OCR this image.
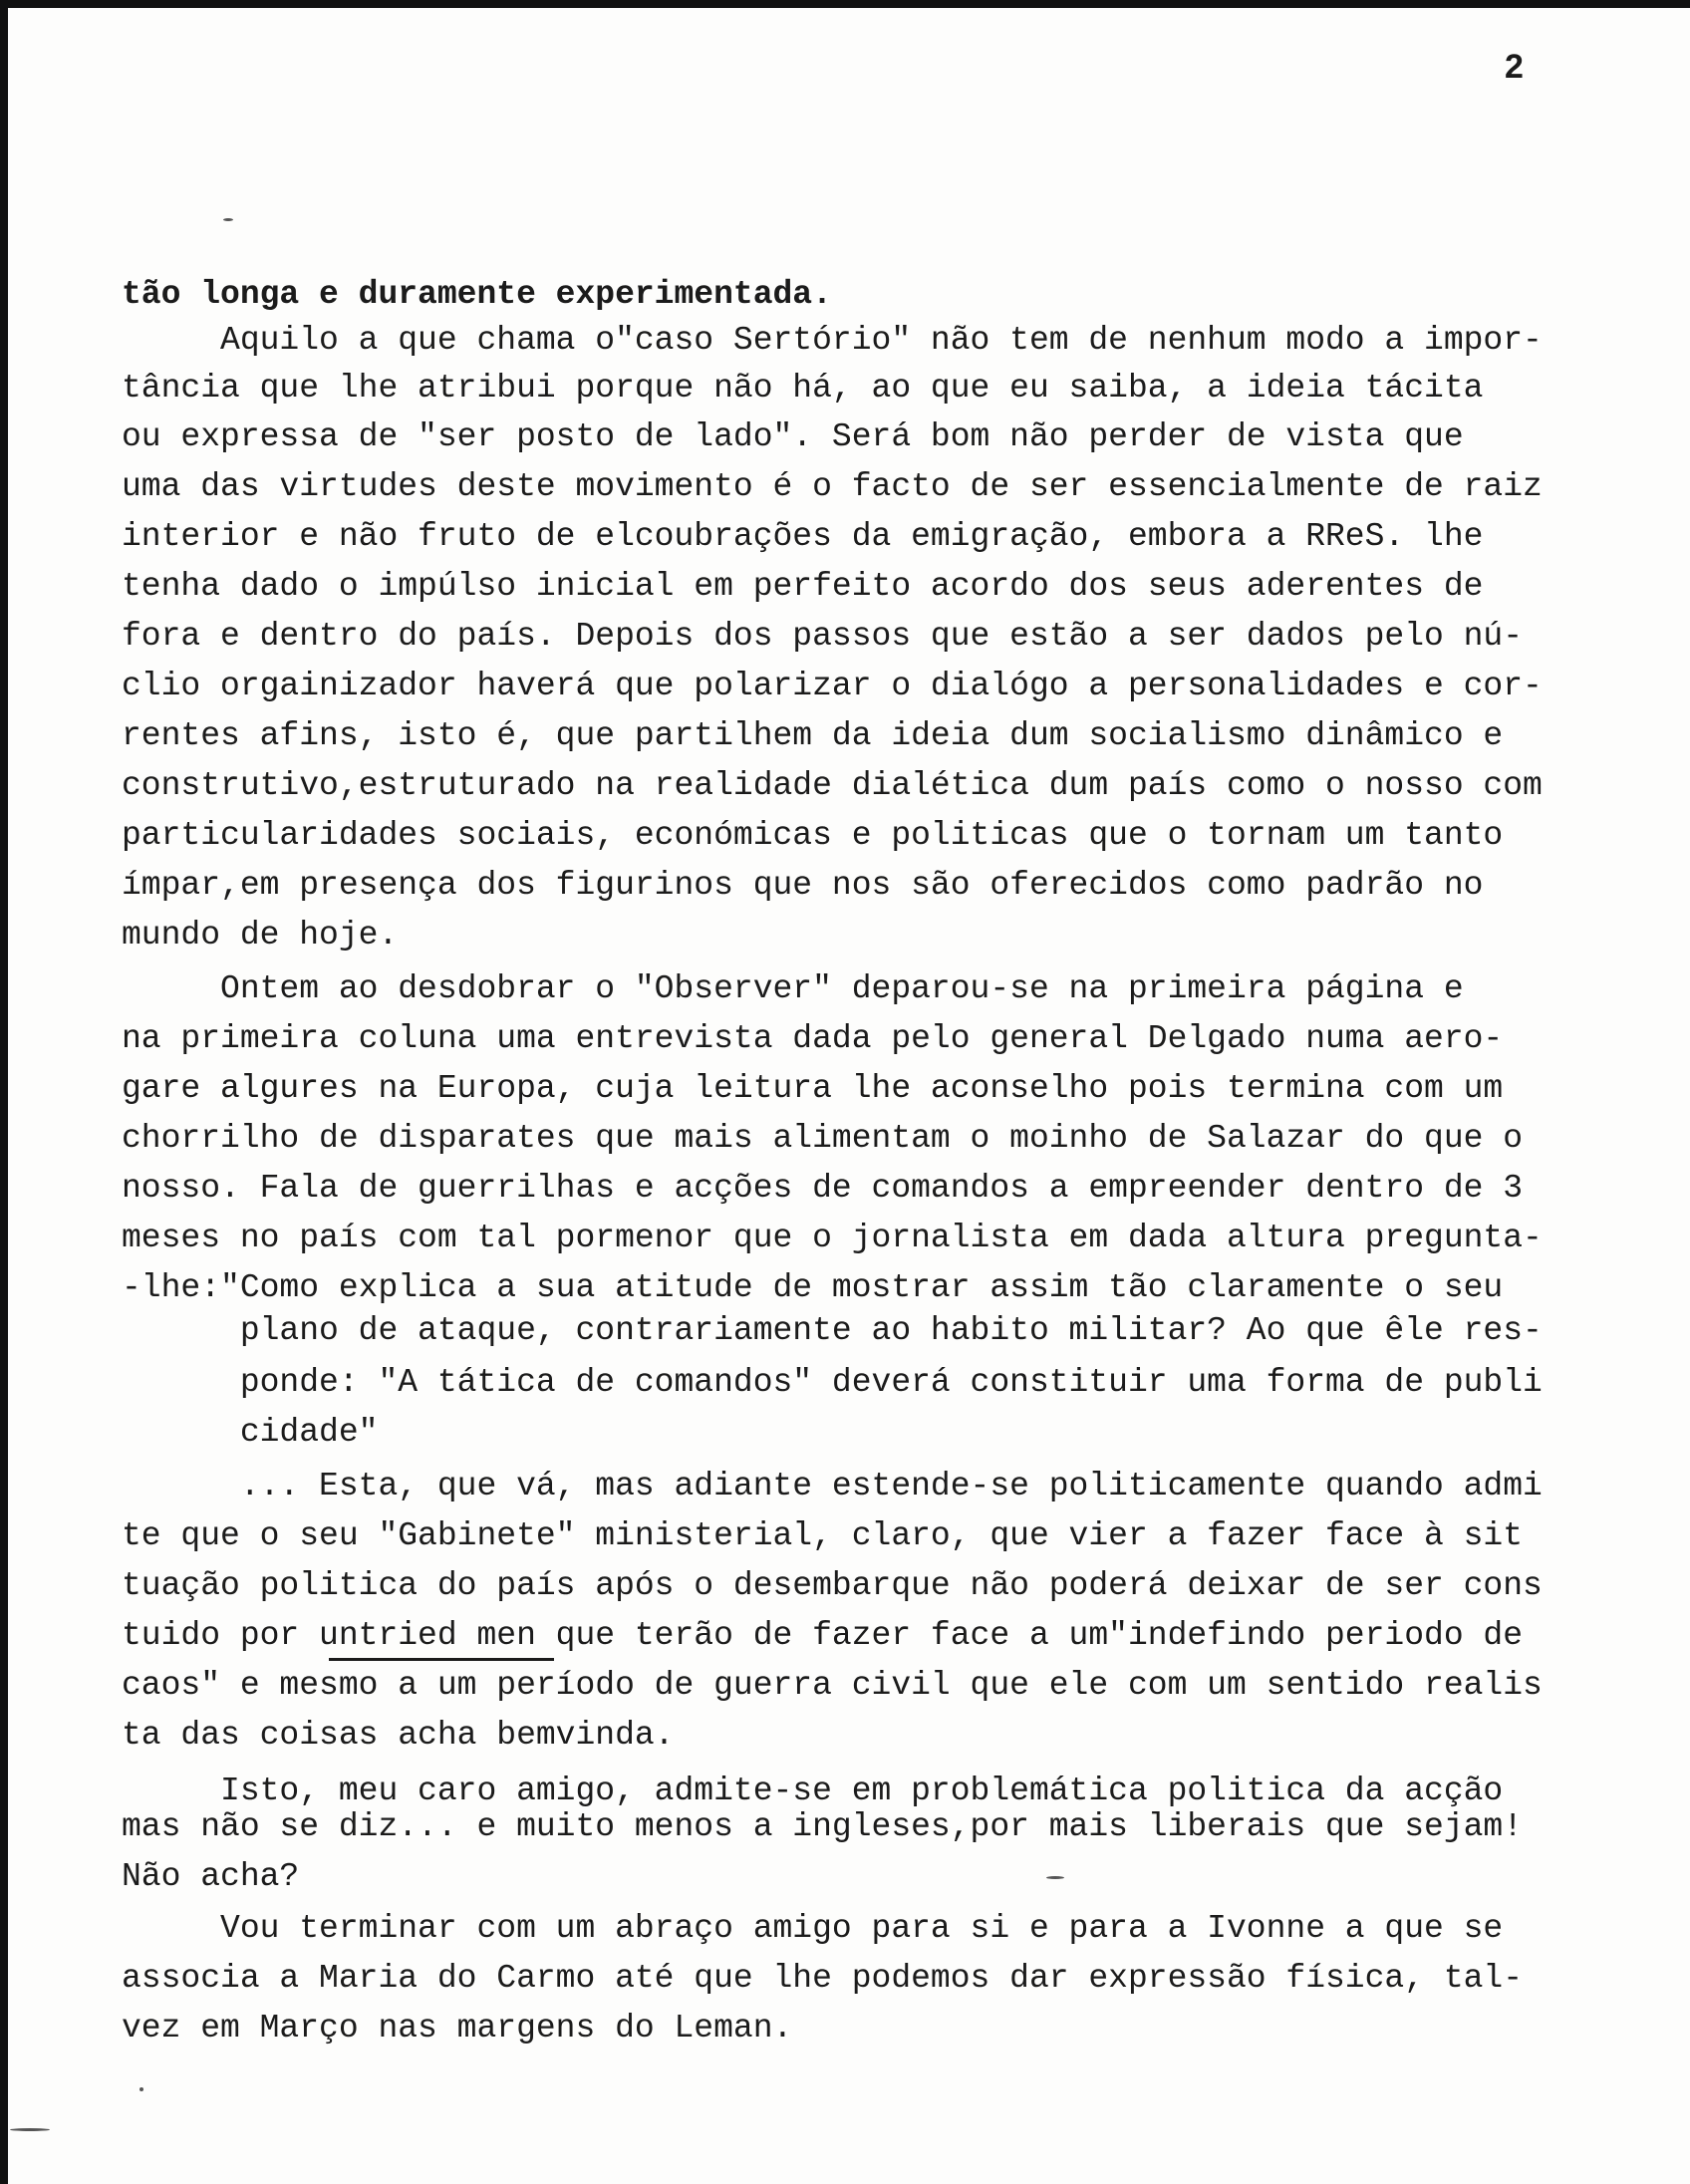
2
tão longa e duramente experimentada.
Aquilo a que chama o"caso Sertório" não tem de nenhum modo a impor-
tância que lhe atribui porque não há, ao que eu saiba, a ideia tácita
ou expressa de "ser posto de lado". Será bom não perder de vista que
uma das virtudes deste movimento é o facto de ser essencialmente de raiz
interior e não fruto de elcoubrações da emigração, embora a RReS. lhe
tenha dado o impúlso inicial em perfeito acordo dos seus aderentes de
fora e dentro do país. Depois dos passos que estão a ser dados pelo nú-
clio orgainizador haverá que polarizar o dialógo a personalidades e cor-
rentes afins, isto é, que partilhem da ideia dum socialismo dinâmico e
construtivo,estruturado na realidade dialética dum país como o nosso com
particularidades sociais, económicas e politicas que o tornam um tanto
ímpar,em presença dos figurinos que nos são oferecidos como padrão no
mundo de hoje.
Ontem ao desdobrar o "Observer" deparou-se na primeira página e
na primeira coluna uma entrevista dada pelo general Delgado numa aero-
gare algures na Europa, cuja leitura lhe aconselho pois termina com um
chorrilho de disparates que mais alimentam o moinho de Salazar do que o
nosso. Fala de guerrilhas e acções de comandos a empreender dentro de 3
meses no país com tal pormenor que o jornalista em dada altura pregunta-
-lhe:"Como explica a sua atitude de mostrar assim tão claramente o seu
plano de ataque, contrariamente ao habito militar? Ao que êle res-
ponde: "A tática de comandos" deverá constituir uma forma de publi
cidade"
... Esta, que vá, mas adiante estende-se politicamente quando admi
te que o seu "Gabinete" ministerial, claro, que vier a fazer face à sit
tuação politica do país após o desembarque não poderá deixar de ser cons
tuido por untried men que terão de fazer face a um"indefindo periodo de
caos" e mesmo a um período de guerra civil que ele com um sentido realis
ta das coisas acha bemvinda.
Isto, meu caro amigo, admite-se em problemática politica da acção
mas não se diz... e muito menos a ingleses,por mais liberais que sejam!
Não acha?
Vou terminar com um abraço amigo para si e para a Ivonne a que se
associa a Maria do Carmo até que lhe podemos dar expressão física, tal-
vez em Março nas margens do Leman.
